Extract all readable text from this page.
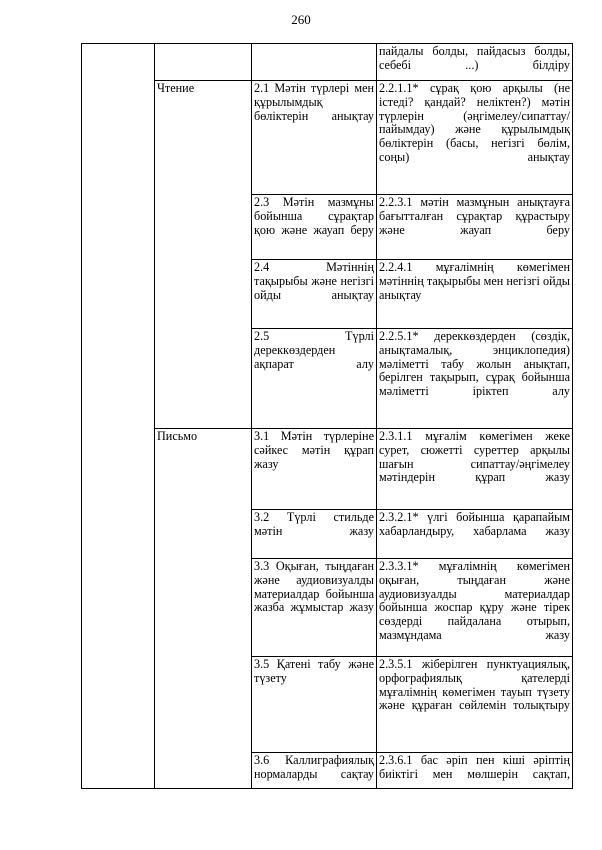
260
			пайдалы болды, пайдасыз болды, себебі ...) білдіру
	Чтение	2.1 Мәтін түрлері мен құрылымдық бөліктерін анықтау	2.2.1.1* сұрақ қою арқылы (не істеді? қандай? неліктен?) мәтін түрлерін (әңгімелеу/сипаттау/пайымдау) және құрылымдық бөліктерін (басы, негізгі бөлім, соңы) анықтау
		2.3 Мәтін мазмұны бойынша сұрақтар қою және жауап беру	2.2.3.1 мәтін мазмұнын анықтауға бағытталған сұрақтар құрастыру және жауап беру
		2.4 Мәтіннің тақырыбы және негізгі ойды анықтау	2.2.4.1 мұғалімнің көмегімен мәтіннің тақырыбы мен негізгі ойды анықтау
		2.5 Түрлі дереккөздерден ақпарат алу	2.2.5.1* дереккөздерден (сөздік, анықтамалық, энциклопедия) мәліметті табу жолын анықтап, берілген тақырып, сұрақ бойынша мәліметті іріктеп алу
	Письмо	3.1 Мәтін түрлеріне сәйкес мәтін құрап жазу	2.3.1.1 мұғалім көмегімен жеке сурет, сюжетті суреттер арқылы шағын сипаттау/әңгімелеу мәтіндерін құрап жазу
		3.2 Түрлі стильде мәтін жазу	2.3.2.1* үлгі бойынша қарапайым хабарландыру, хабарлама жазу
		3.3 Оқыған, тыңдаған және аудиовизуалды материалдар бойынша жазба жұмыстар жазу	2.3.3.1* мұғалімнің көмегімен оқыған, тыңдаған және аудиовизуалды материалдар бойынша жоспар құру және тірек сөздерді пайдалана отырып, мазмұндама жазу
		3.5 Қатені табу және түзету	2.3.5.1 жіберілген пунктуациялық, орфографиялық қателерді мұғалімнің көмегімен тауып түзету және құраған сөйлемін толықтыру
		3.6 Каллиграфиялық нормаларды сақтау	2.3.6.1 бас әріп пен кіші әріптің биіктігі мен мөлшерін сақтап,
